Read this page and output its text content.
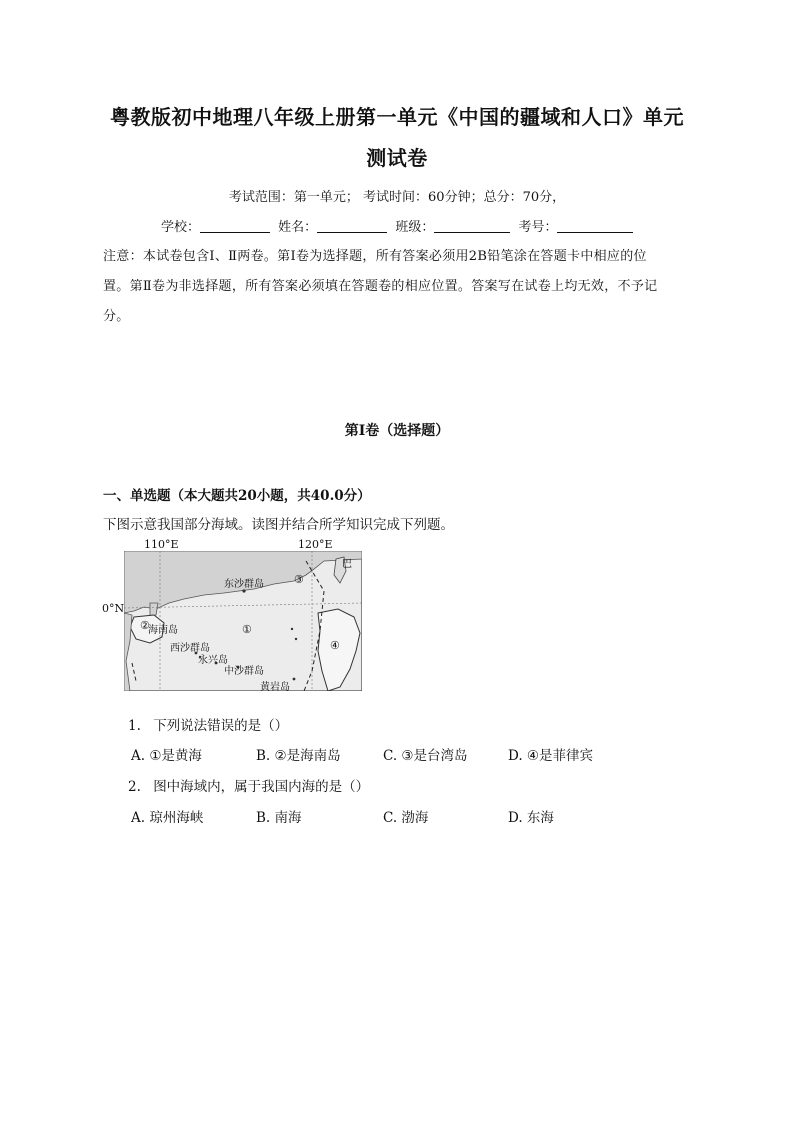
粤教版初中地理八年级上册第一单元《中国的疆域和人口》单元
测试卷
考试范围：第一单元； 考试时间：60分钟；总分：70分，
学校：	姓名：	班级：	考号：
注意：本试卷包含Ⅰ、Ⅱ两卷。第Ⅰ卷为选择题，所有答案必须用2B铅笔涂在答题卡中相应的位
置。第Ⅱ卷为非选择题，所有答案必须填在答题卷的相应位置。答案写在试卷上均无效，不予记
分。
第Ⅰ卷（选择题）
一、单选题（本大题共20小题，共40.0分）
下图示意我国部分海域。读图并结合所学知识完成下列题。
东沙群岛
海南岛
西沙群岛
永兴岛
中沙群岛
黄岩岛
①
②
③
④
巴
110°E	120°E
0°N
1. 下列说法错误的是（）
A. ①是黄海	B. ②是海南岛	C. ③是台湾岛	D. ④是菲律宾
2. 图中海域内，属于我国内海的是（）
A. 琼州海峡	B. 南海	C. 渤海	D. 东海
